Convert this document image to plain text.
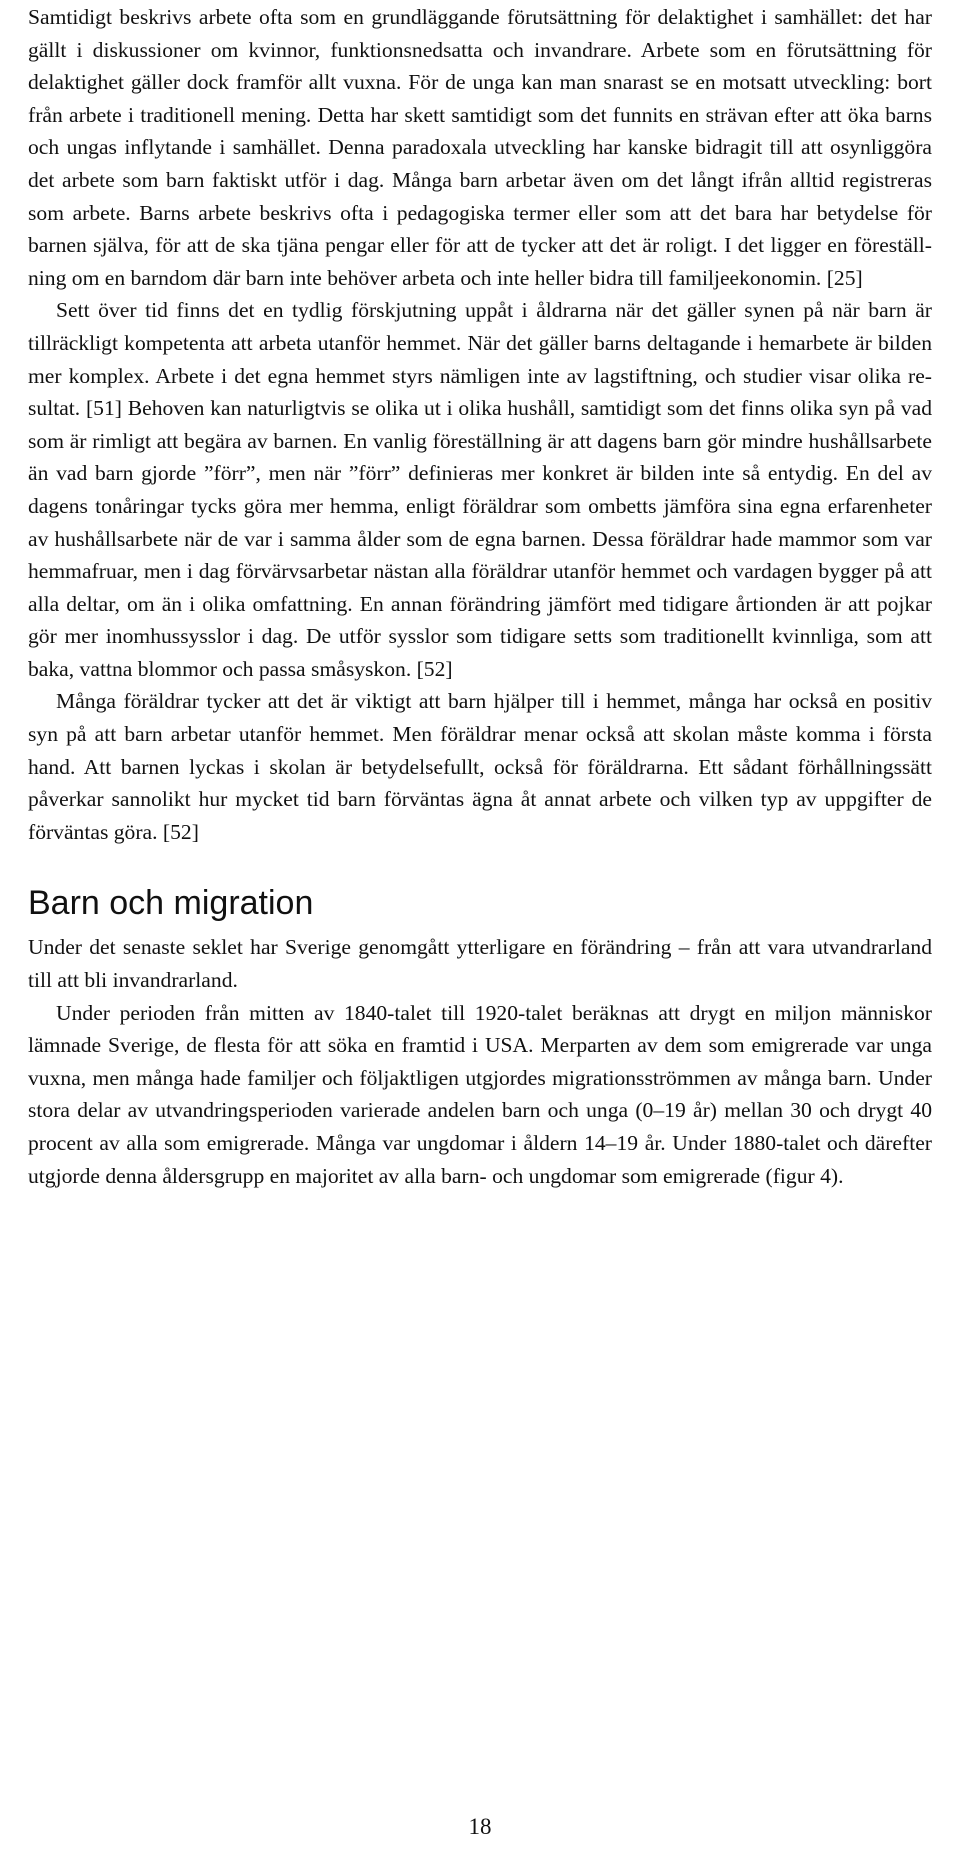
Samtidigt beskrivs arbete ofta som en grundläggande förutsättning för delaktighet i samhället: det har gällt i diskussioner om kvinnor, funktionsnedsatta och invandrare. Arbete som en förutsättning för delaktighet gäller dock framför allt vuxna. För de unga kan man snarast se en motsatt utveckling: bort från arbete i traditionell mening. Detta har skett samtidigt som det funnits en strävan efter att öka barns och ungas inflytande i samhället. Denna paradoxala utveckling har kanske bidragit till att osynliggöra det arbete som barn faktiskt utför i dag. Många barn arbetar även om det långt ifrån alltid registreras som arbete. Barns arbete beskrivs ofta i pedagogiska termer eller som att det bara har betydelse för barnen själva, för att de ska tjäna pengar eller för att de tycker att det är roligt. I det ligger en föreställning om en barndom där barn inte behöver arbeta och inte heller bidra till familjeekonomin. [25]

Sett över tid finns det en tydlig förskjutning uppåt i åldrarna när det gäller synen på när barn är tillräckligt kompetenta att arbeta utanför hemmet. När det gäller barns deltagande i hemarbete är bilden mer komplex. Arbete i det egna hemmet styrs nämligen inte av lagstiftning, och studier visar olika resultat. [51] Behoven kan naturligtvis se olika ut i olika hushåll, samtidigt som det finns olika syn på vad som är rimligt att begära av barnen. En vanlig föreställning är att dagens barn gör mindre hushållsarbete än vad barn gjorde ”förr”, men när ”förr” definieras mer konkret är bilden inte så entydig. En del av dagens tonåringar tycks göra mer hemma, enligt föräldrar som ombetts jämföra sina egna erfarenheter av hushållsarbete när de var i samma ålder som de egna barnen. Dessa föräldrar hade mammor som var hemmafruar, men i dag förvärvsarbetar nästan alla föräldrar utanför hemmet och vardagen bygger på att alla deltar, om än i olika omfattning. En annan förändring jämfört med tidigare årtionden är att pojkar gör mer inomhussysslor i dag. De utför sysslor som tidigare setts som traditionellt kvinnliga, som att baka, vattna blommor och passa småsyskon. [52]

Många föräldrar tycker att det är viktigt att barn hjälper till i hemmet, många har också en positiv syn på att barn arbetar utanför hemmet. Men föräldrar menar också att skolan måste komma i första hand. Att barnen lyckas i skolan är betydelsefullt, också för föräldrarna. Ett sådant förhållningssätt påverkar sannolikt hur mycket tid barn förväntas ägna åt annat arbete och vilken typ av uppgifter de förväntas göra. [52]

Barn och migration

Under det senaste seklet har Sverige genomgått ytterligare en förändring – från att vara utvandrarland till att bli invandrarland.

Under perioden från mitten av 1840-talet till 1920-talet beräknas att drygt en miljon människor lämnade Sverige, de flesta för att söka en framtid i USA. Merparten av dem som emigrerade var unga vuxna, men många hade familjer och följaktligen utgjordes migrationsströmmen av många barn. Under stora delar av utvandringsperioden varierade andelen barn och unga (0–19 år) mellan 30 och drygt 40 procent av alla som emigrerade. Många var ungdomar i åldern 14–19 år. Under 1880-talet och därefter utgjorde denna åldersgrupp en majoritet av alla barn- och ungdomar som emigrerade (figur 4).

18
